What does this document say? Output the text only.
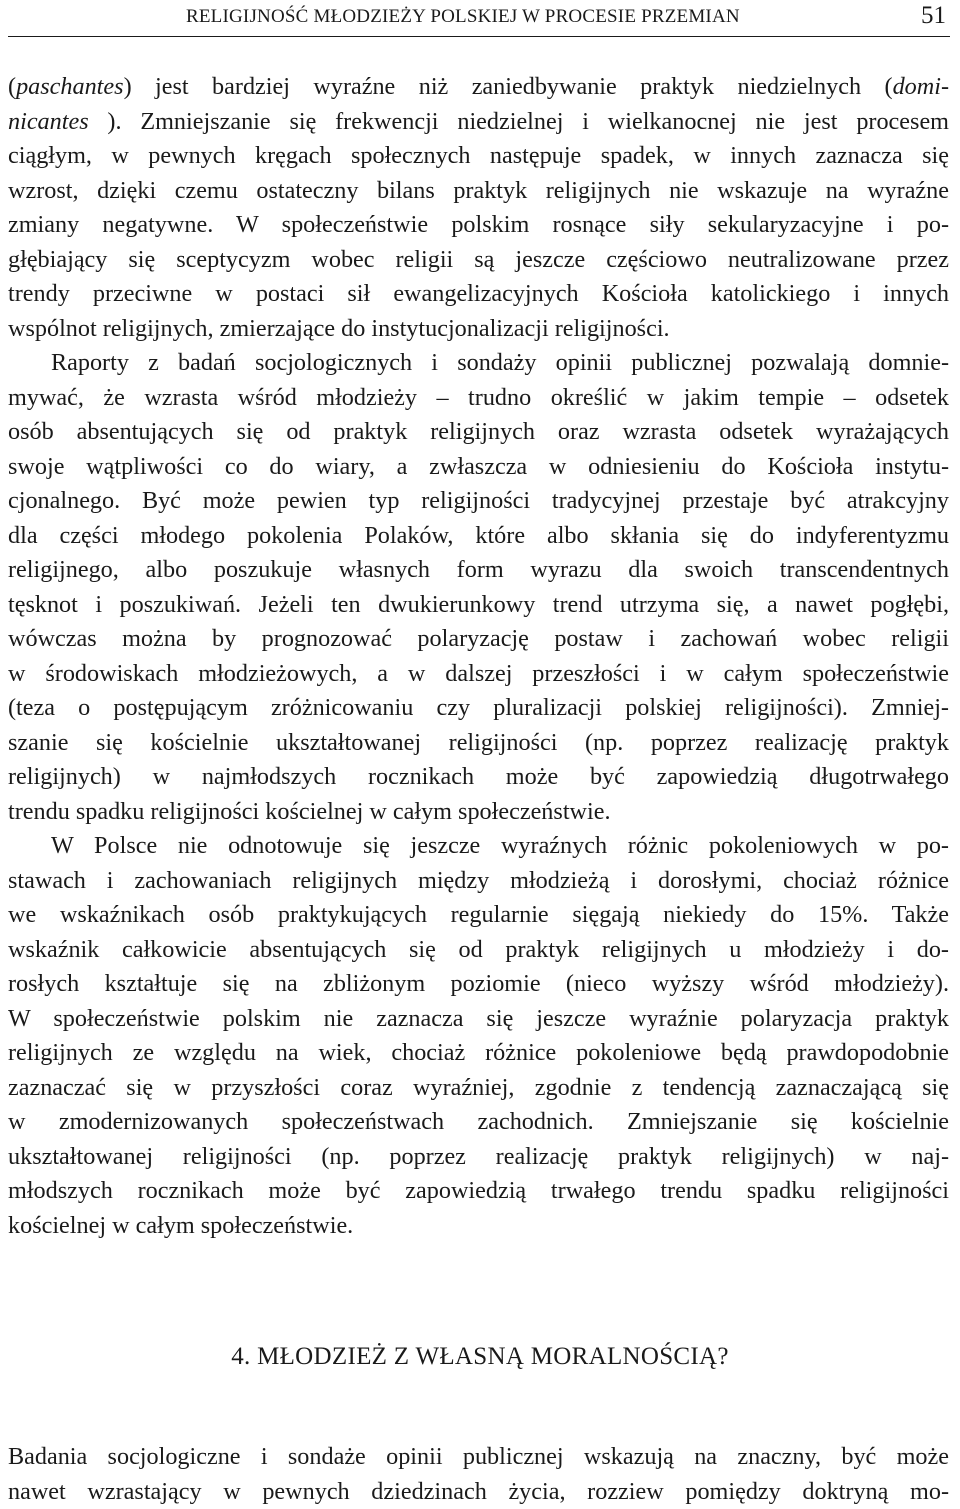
RELIGIJNOŚĆ MŁODZIEŻY POLSKIEJ W PROCESIE PRZEMIAN	51
(paschantes) jest bardziej wyraźne niż zaniedbywanie praktyk niedzielnych (domi-
nicantes ). Zmniejszanie się frekwencji niedzielnej i wielkanocnej nie jest procesem
ciągłym, w pewnych kręgach społecznych następuje spadek, w innych zaznacza się
wzrost, dzięki czemu ostateczny bilans praktyk religijnych nie wskazuje na wyraźne
zmiany negatywne. W społeczeństwie polskim rosnące siły sekularyzacyjne i po-
głębiający się sceptycyzm wobec religii są jeszcze częściowo neutralizowane przez
trendy przeciwne w postaci sił ewangelizacyjnych Kościoła katolickiego i innych
wspólnot religijnych, zmierzające do instytucjonalizacji religijności.
Raporty z badań socjologicznych i sondaży opinii publicznej pozwalają domnie-
mywać, że wzrasta wśród młodzieży – trudno określić w jakim tempie – odsetek
osób absentujących się od praktyk religijnych oraz wzrasta odsetek wyrażających
swoje wątpliwości co do wiary, a zwłaszcza w odniesieniu do Kościoła instytu-
cjonalnego. Być może pewien typ religijności tradycyjnej przestaje być atrakcyjny
dla części młodego pokolenia Polaków, które albo skłania się do indyferentyzmu
religijnego, albo poszukuje własnych form wyrazu dla swoich transcendentnych
tęsknot i poszukiwań. Jeżeli ten dwukierunkowy trend utrzyma się, a nawet pogłębi,
wówczas można by prognozować polaryzację postaw i zachowań wobec religii
w środowiskach młodzieżowych, a w dalszej przeszłości i w całym społeczeństwie
(teza o postępującym zróżnicowaniu czy pluralizacji polskiej religijności). Zmniej-
szanie się kościelnie ukształtowanej religijności (np. poprzez realizację praktyk
religijnych) w najmłodszych rocznikach może być zapowiedzią długotrwałego
trendu spadku religijności kościelnej w całym społeczeństwie.
W Polsce nie odnotowuje się jeszcze wyraźnych różnic pokoleniowych w po-
stawach i zachowaniach religijnych między młodzieżą i dorosłymi, chociaż różnice
we wskaźnikach osób praktykujących regularnie sięgają niekiedy do 15%. Także
wskaźnik całkowicie absentujących się od praktyk religijnych u młodzieży i do-
rosłych kształtuje się na zbliżonym poziomie (nieco wyższy wśród młodzieży).
W społeczeństwie polskim nie zaznacza się jeszcze wyraźnie polaryzacja praktyk
religijnych ze względu na wiek, chociaż różnice pokoleniowe będą prawdopodobnie
zaznaczać się w przyszłości coraz wyraźniej, zgodnie z tendencją zaznaczającą się
w zmodernizowanych społeczeństwach zachodnich. Zmniejszanie się kościelnie
ukształtowanej religijności (np. poprzez realizację praktyk religijnych) w naj-
młodszych rocznikach może być zapowiedzią trwałego trendu spadku religijności
kościelnej w całym społeczeństwie.
4. MŁODZIEŻ Z WŁASNĄ MORALNOŚCIĄ?
Badania socjologiczne i sondaże opinii publicznej wskazują na znaczny, być może
nawet wzrastający w pewnych dziedzinach życia, rozziew pomiędzy doktryną mo-
